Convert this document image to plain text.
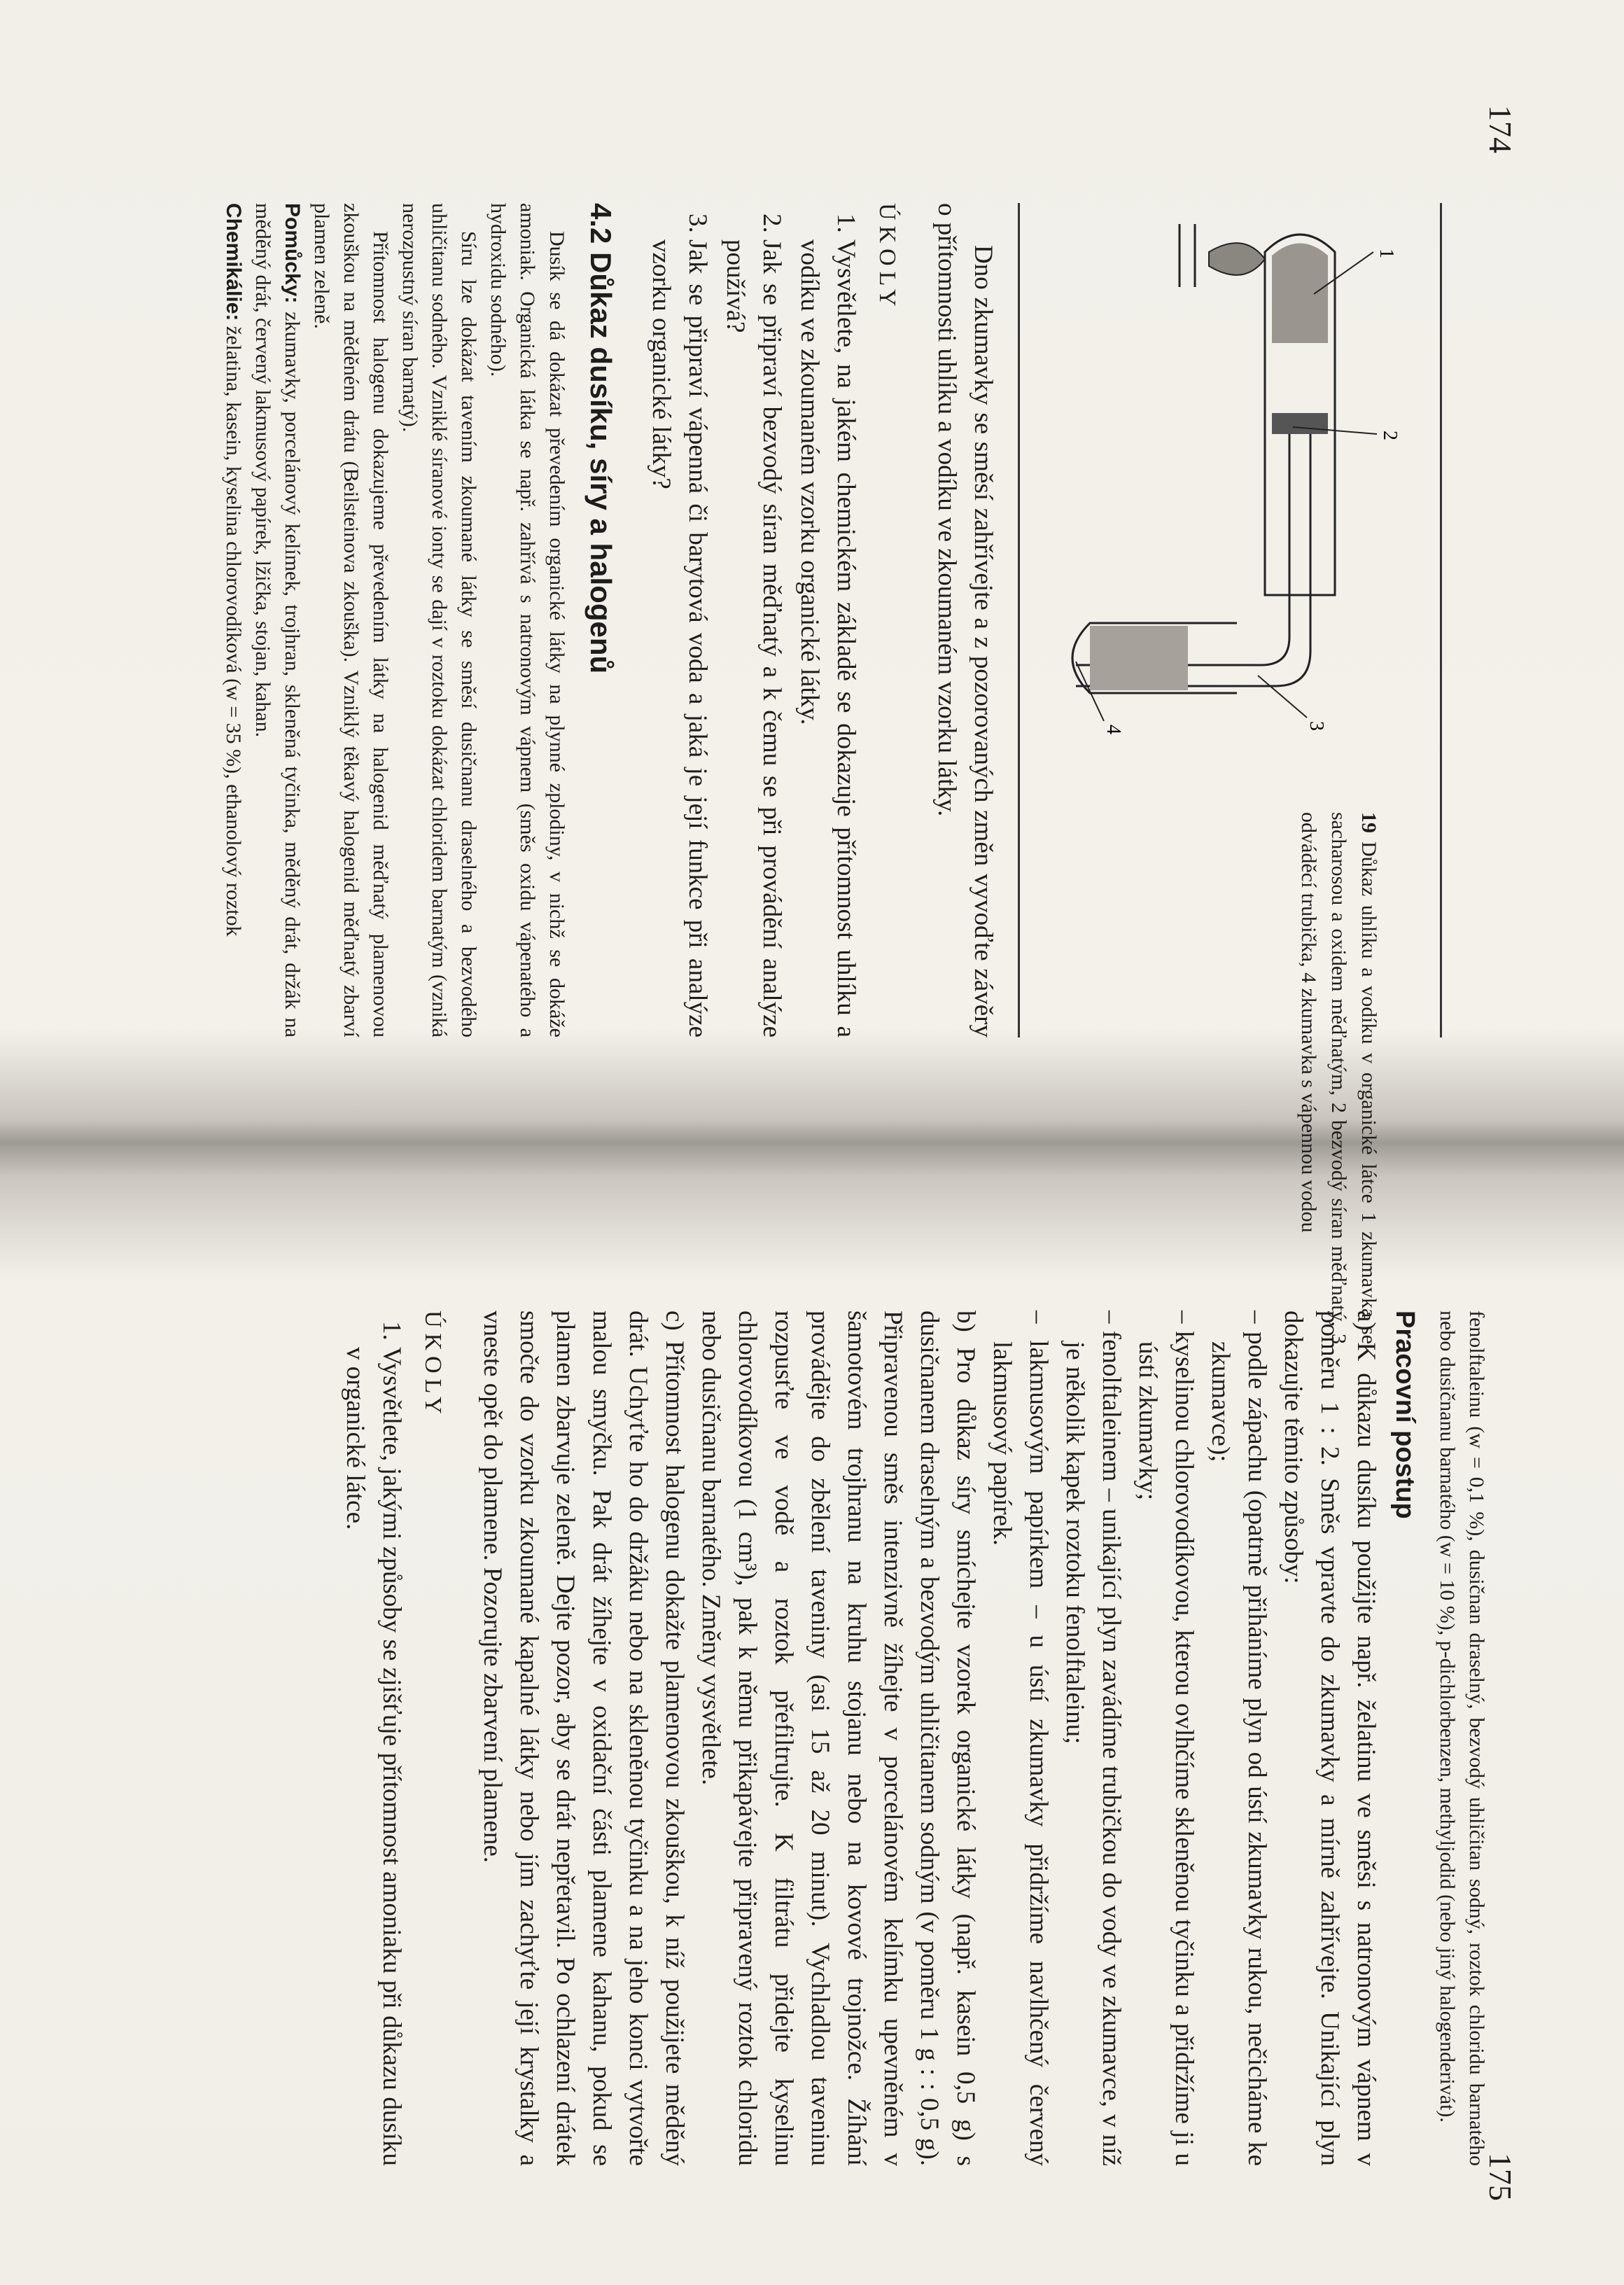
174
1
2
3
4
19Důkaz uhlíku a vodíku v organické látce 1 zkumavka se sacharosou a oxidem měďnatým, 2 bezvodý síran měďnatý, 3 odváděcí trubička, 4 zkumavka s vápennou vodou

Dno zkumavky se směsí zahřívejte a z pozorovaných změn vyvoďte závěry o přítomnosti uhlíku a vodíku ve zkoumaném vzorku látky.

ÚKOLY

1. Vysvětlete, na jakém chemickém základě se dokazuje přítomnost uhlíku a vodíku ve zkoumaném vzorku organické látky.
2. Jak se připraví bezvodý síran měďnatý a k čemu se při provádění analýze používá?
3. Jak se připraví vápenná či barytová voda a jaká je její funkce při analýze vzorku organické látky?
4.2 Důkaz dusíku, síry a halogenů

Dusík se dá dokázat převedením organické látky na plynné zplodiny, v nichž se dokáže amoniak. Organická látka se např. zahřívá s natronovým vápnem (směs oxidu vápenatého a hydroxidu sodného).

Síru lze dokázat tavením zkoumané látky se směsí dusičnanu draselného a bezvodého uhličitanu sodného. Vzniklé síranové ionty se dají v roztoku dokázat chloridem barnatým (vzniká nerozpustný síran barnatý).

Přítomnost halogenu dokazujeme převedením látky na halogenid měďnatý plamenovou zkouškou na měděném drátu (Beilsteinova zkouška). Vzniklý těkavý halogenid měďnatý zbarví plamen zeleně.

Pomůcky: zkumavky, porcelánový kelímek, trojhran, skleněná tyčinka, měděný drát, držák na měděný drát, červený lakmusový papírek, lžička, stojan, kahan.

Chemikálie: želatina, kasein, kyselina chlorovodíková (w = 35 %), ethanolový roztok

175

fenolftaleinu (w = 0,1 %), dusičnan draselný, bezvodý uhličitan sodný, roztok chloridu barnatého nebo dusičnanu barnatého (w = 10 %), p-dichlorbenzen, methyljodid (nebo jiný halogenderivát).

Pracovní postup

a) K důkazu dusíku použijte např. želatinu ve směsi s natronovým vápnem v poměru 1 : 2. Směs vpravte do zkumavky a mírně zahřívejte. Unikající plyn dokazujte těmito způsoby:

– podle zápachu (opatrně přiháníme plyn od ústí zkumavky rukou, nečicháme ke zkumavce);

– kyselinou chlorovodíkovou, kterou ovlhčíme skleněnou tyčinku a přidržíme ji u ústí zkumavky;

– fenolftaleinem – unikající plyn zavádíme trubičkou do vody ve zkumavce, v níž je několik kapek roztoku fenolftaleinu;

– lakmusovým papírkem – u ústí zkumavky přidržíme navlhčený červený lakmusový papírek.

b) Pro důkaz síry smíchejte vzorek organické látky (např. kasein 0,5 g) s dusičnanem draselným a bezvodým uhličitanem sodným (v poměru 1 g : : 0,5 g). Připravenou směs intenzivně žíhejte v porcelánovém kelímku upevněném v šamotovém trojhranu na kruhu stojanu nebo na kovové trojnožce. Žíhání provádějte do zbělení taveniny (asi 15 až 20 minut). Vychladlou taveninu rozpusťte ve vodě a roztok přefiltrujte. K filtrátu přidejte kyselinu chlorovodíkovou (1 cm³), pak k němu přikapávejte připravený roztok chloridu nebo dusičnanu barnatého. Změny vysvětlete.

c) Přítomnost halogenu dokažte plamenovou zkouškou, k níž použijete měděný drát. Uchyťte ho do držáku nebo na skleněnou tyčinku a na jeho konci vytvořte malou smyčku. Pak drát žíhejte v oxidační části plamene kahanu, pokud se plamen zbarvuje zeleně. Dejte pozor, aby se drát nepřetavil. Po ochlazení drátek smočte do vzorku zkoumané kapalné látky nebo jím zachyťte její krystalky a vneste opět do plamene. Pozorujte zbarvení plamene.

ÚKOLY

1. Vysvětlete, jakými způsoby se zjišťuje přítomnost amoniaku při důkazu dusíku v organické látce.
